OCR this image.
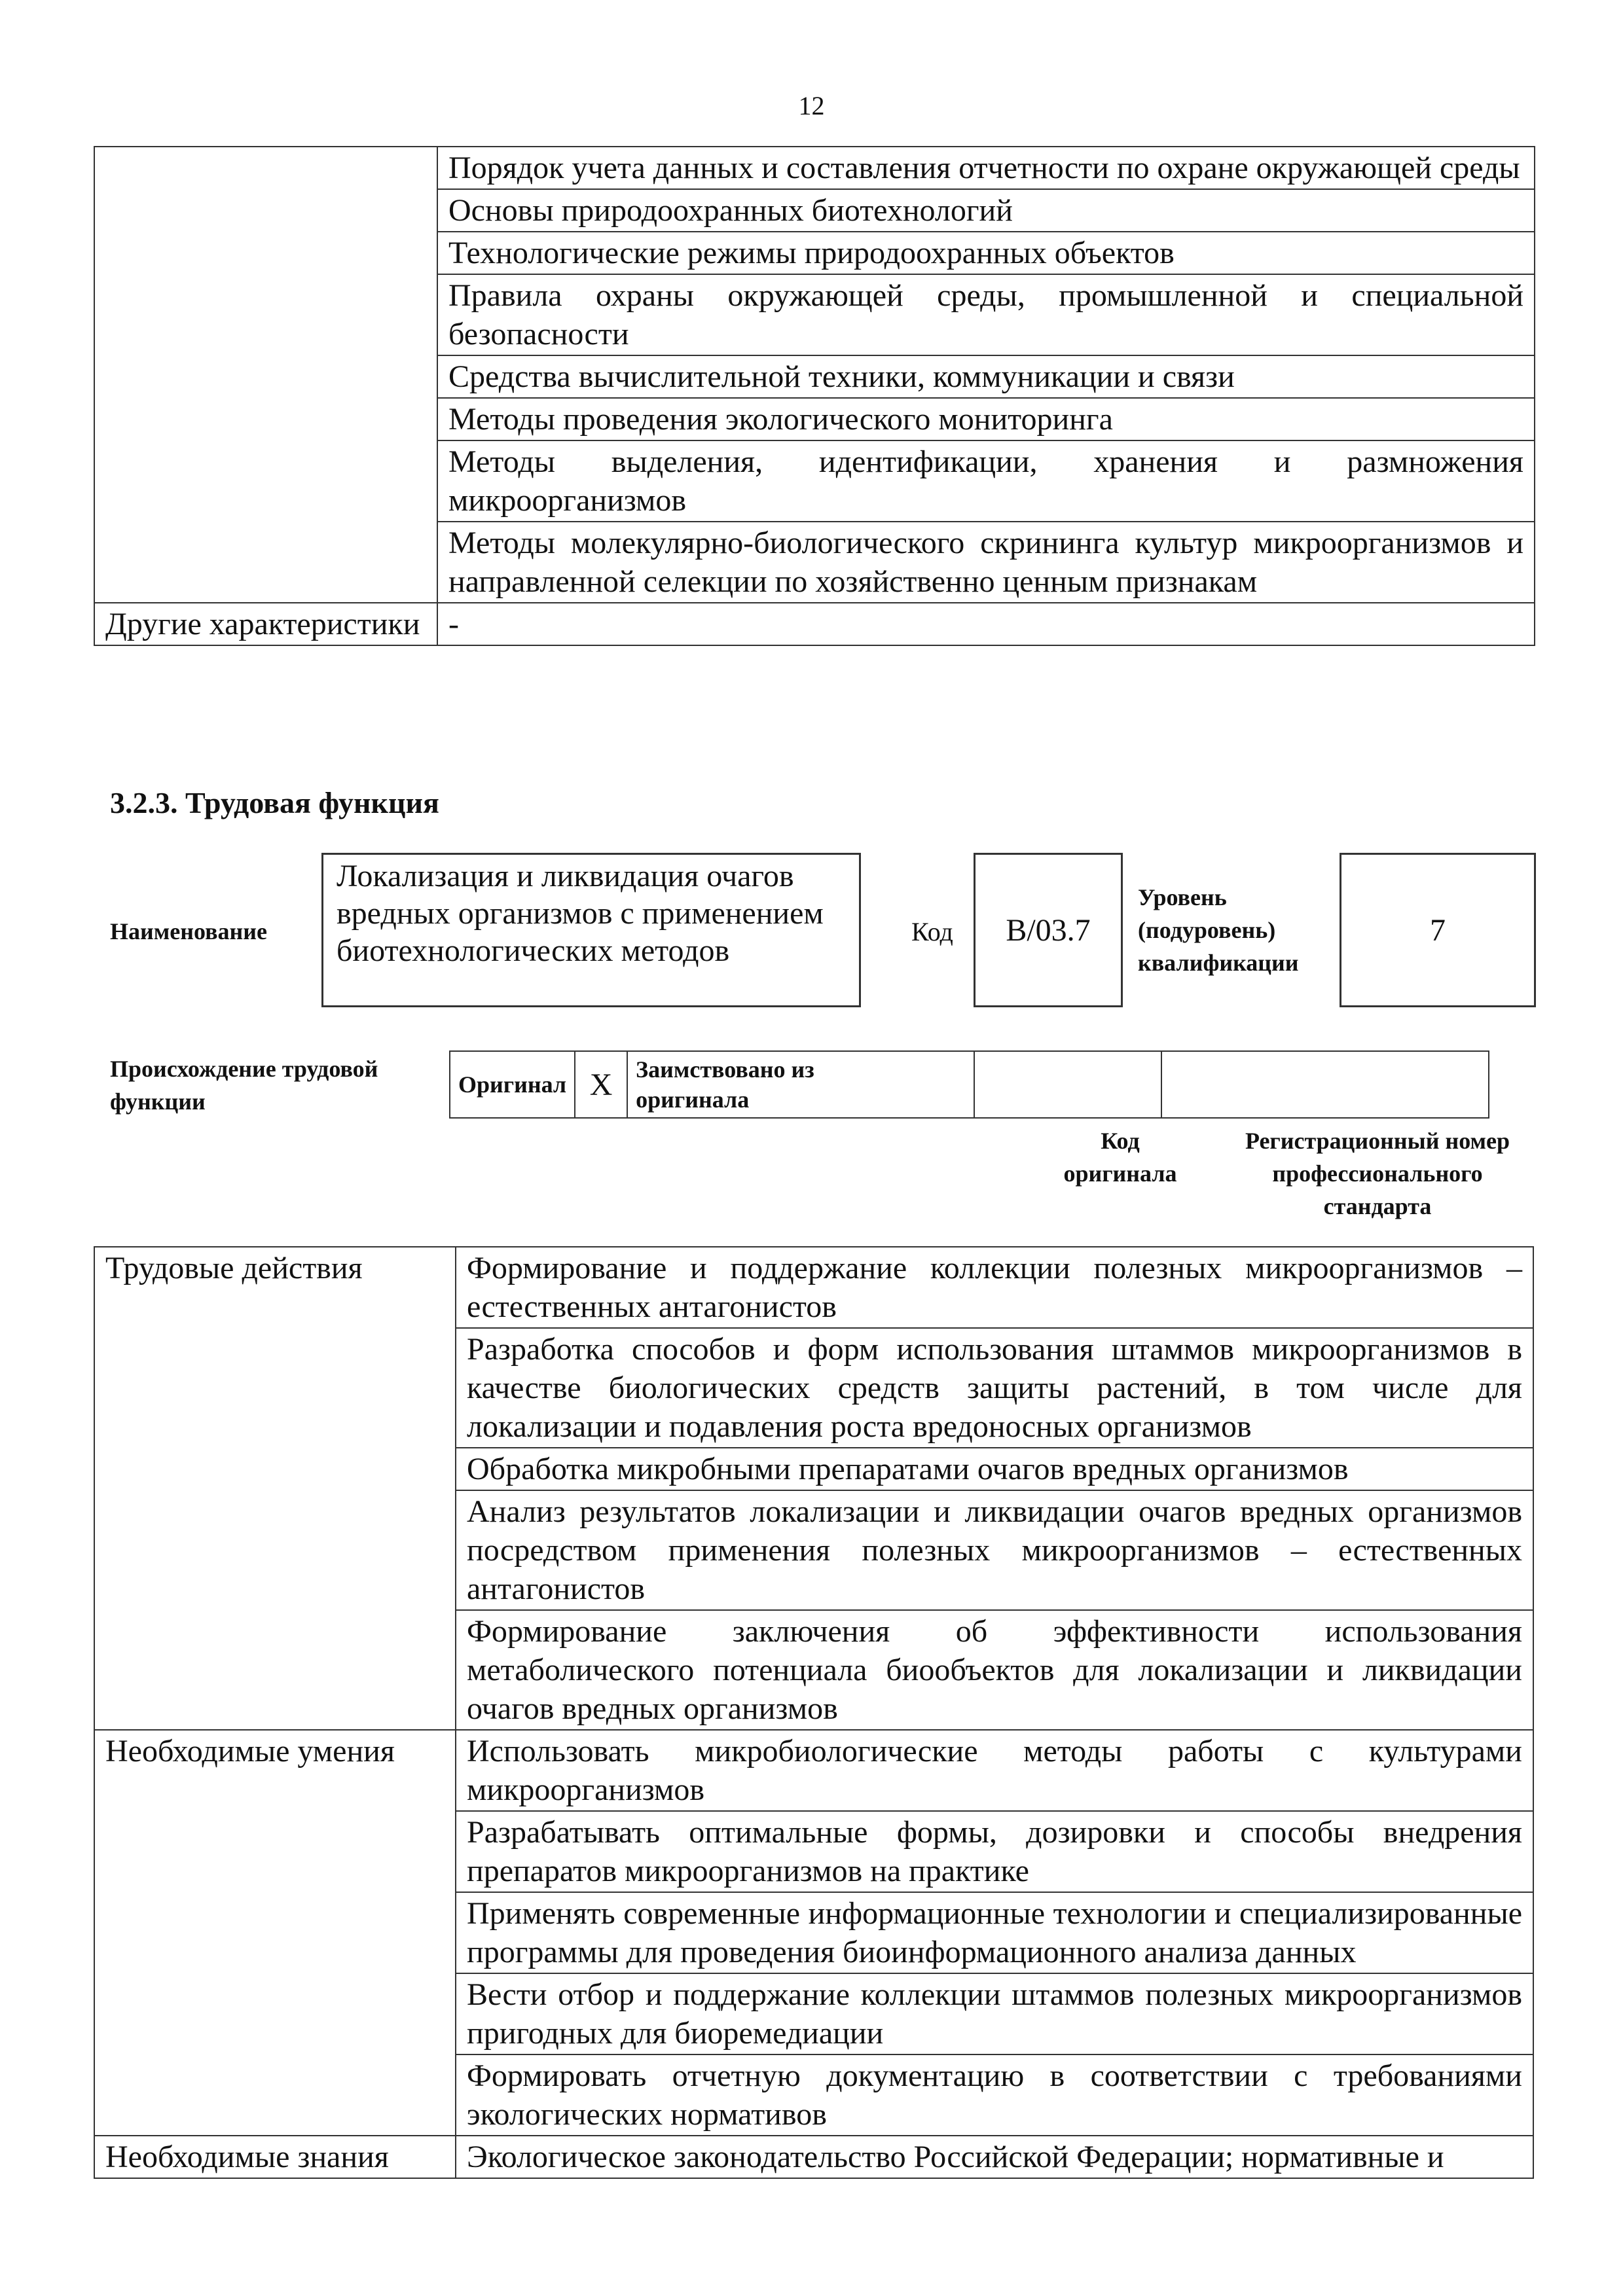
12
	Порядок учета данных и составления отчетности по охране окружающей среды
	Основы природоохранных биотехнологий
	Технологические режимы природоохранных объектов
	Правила охраны окружающей среды, промышленной и специальной безопасности
	Средства вычислительной техники, коммуникации и связи
	Методы проведения экологического мониторинга
	Методы выделения, идентификации, хранения и размножения микроорганизмов
	Методы молекулярно-биологического скрининга культур микроорганизмов и направленной селекции по хозяйственно ценным признакам
Другие характеристики	-
3.2.3. Трудовая функция
Наименование
Локализация и ликвидация очагов вредных организмов с применением биотехнологических методов
Код	B/03.7
Уровень
(подуровень)
квалификации
7
Происхождение трудовой
функции
Оригинал	X	Заимствовано из
оригинала

Код
оригинала
Регистрационный номер
профессионального
стандарта
Трудовые действия	Формирование и поддержание коллекции полезных микроорганизмов – естественных антагонистов
	Разработка способов и форм использования штаммов микроорганизмов в качестве биологических средств защиты растений, в том числе для локализации и подавления роста вредоносных организмов
	Обработка микробными препаратами очагов вредных организмов
	Анализ результатов локализации и ликвидации очагов вредных организмов посредством применения полезных микроорганизмов – естественных антагонистов
	Формирование заключения об эффективности использования метаболического потенциала биообъектов для локализации и ликвидации очагов вредных организмов
Необходимые умения	Использовать микробиологические методы работы с культурами микроорганизмов
	Разрабатывать оптимальные формы, дозировки и способы внедрения препаратов микроорганизмов на практике
	Применять современные информационные технологии и специализированные программы для проведения биоинформационного анализа данных
	Вести отбор и поддержание коллекции штаммов полезных микроорганизмов пригодных для биоремедиации
	Формировать отчетную документацию в соответствии с требованиями экологических нормативов
Необходимые знания	Экологическое законодательство Российской Федерации; нормативные и
